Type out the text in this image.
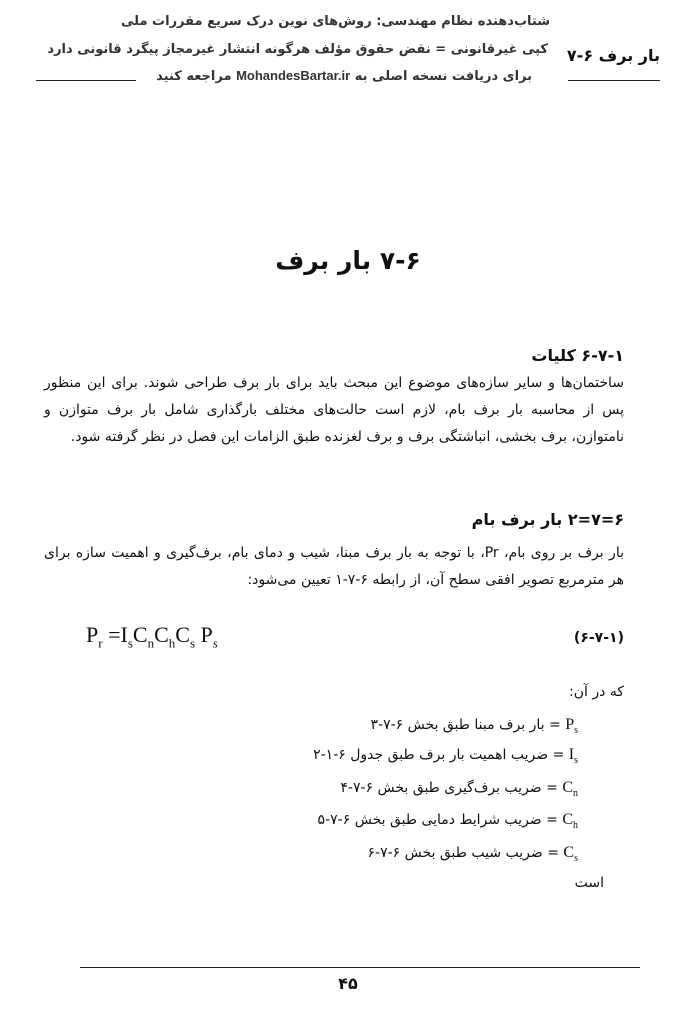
شتاب‌دهنده نظام مهندسی: روش‌های نوین درک سریع مقررات ملی
کپی غیرقانونی = نقض حقوق مؤلف هرگونه انتشار غیرمجاز پیگرد قانونی دارد
برای دریافت نسخه اصلی به MohandesBartar.ir مراجعه کنید
۷-۶ بار برف
۷-۶ بار برف
۶-۷-۱ کلیات
ساختمان‌ها و سایر سازه‌های موضوع این مبحث باید برای بار برف طراحی شوند. برای این منظور پس از محاسبه بار برف بام، لازم است حالت‌های مختلف بارگذاری شامل بار برف متوازن و نامتوازن، برف بخشی، انباشتگی برف و برف لغزنده طبق الزامات این فصل در نظر گرفته شود.
۶=۷=۲ بار برف بام
بار برف بر روی بام، Pr، با توجه به بار برف مبنا، شیب و دمای بام، برف‌گیری و اهمیت سازه برای هر مترمربع تصویر افقی سطح آن، از رابطه ۶-۷-۱ تعیین می‌شود:
$P_r =I_sC_nC_hC_s$ $P_s$	(۶-۷-۱)
که در آن:
$P_s$ = بار برف مبنا طبق بخش ۶-۷-۳
$I_s$ = ضریب اهمیت بار برف طبق جدول ۶-۱-۲
$C_n$ = ضریب برف‌گیری طبق بخش ۶-۷-۴
$C_h$ = ضریب شرایط دمایی طبق بخش ۶-۷-۵
$C_s$ = ضریب شیب طبق بخش ۶-۷-۶
است
۴۵
